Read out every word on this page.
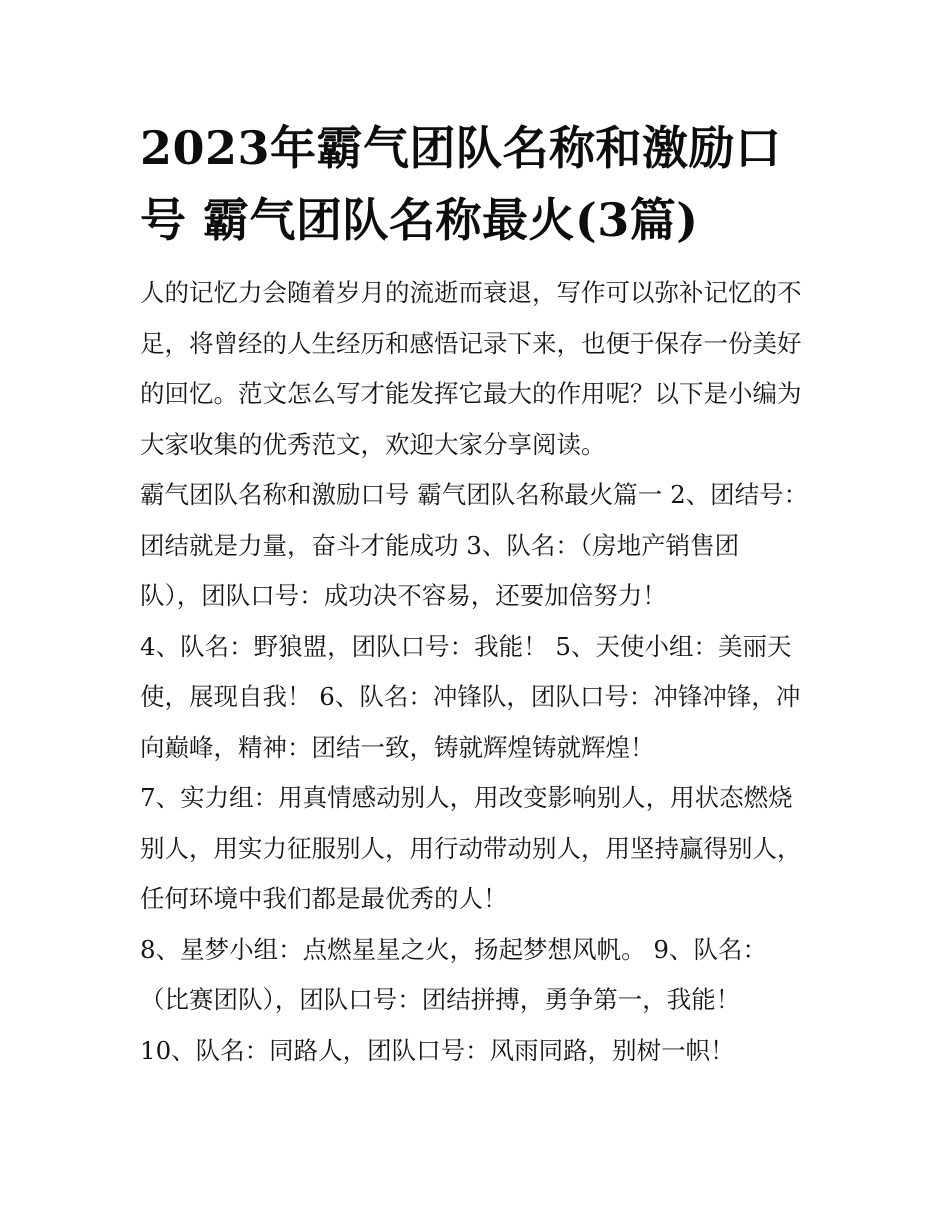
2023年霸气团队名称和激励口
号 霸气团队名称最火(3篇)

人的记忆力会随着岁月的流逝而衰退，写作可以弥补记忆的不
足，将曾经的人生经历和感悟记录下来，也便于保存一份美好
的回忆。范文怎么写才能发挥它最大的作用呢？以下是小编为
大家收集的优秀范文，欢迎大家分享阅读。

霸气团队名称和激励口号 霸气团队名称最火篇一 2、团结号：
团结就是力量，奋斗才能成功 3、队名：（房地产销售团
队），团队口号：成功决不容易，还要加倍努力！

4、队名：野狼盟，团队口号：我能！ 5、天使小组：美丽天
使，展现自我！ 6、队名：冲锋队，团队口号：冲锋冲锋，冲
向巅峰，精神：团结一致，铸就辉煌铸就辉煌！

7、实力组：用真情感动别人，用改变影响别人，用状态燃烧
别人，用实力征服别人，用行动带动别人，用坚持赢得别人，
任何环境中我们都是最优秀的人！

8、星梦小组：点燃星星之火，扬起梦想风帆。 9、队名：
（比赛团队），团队口号：团结拼搏，勇争第一，我能！

10、队名：同路人，团队口号：风雨同路，别树一帜！
